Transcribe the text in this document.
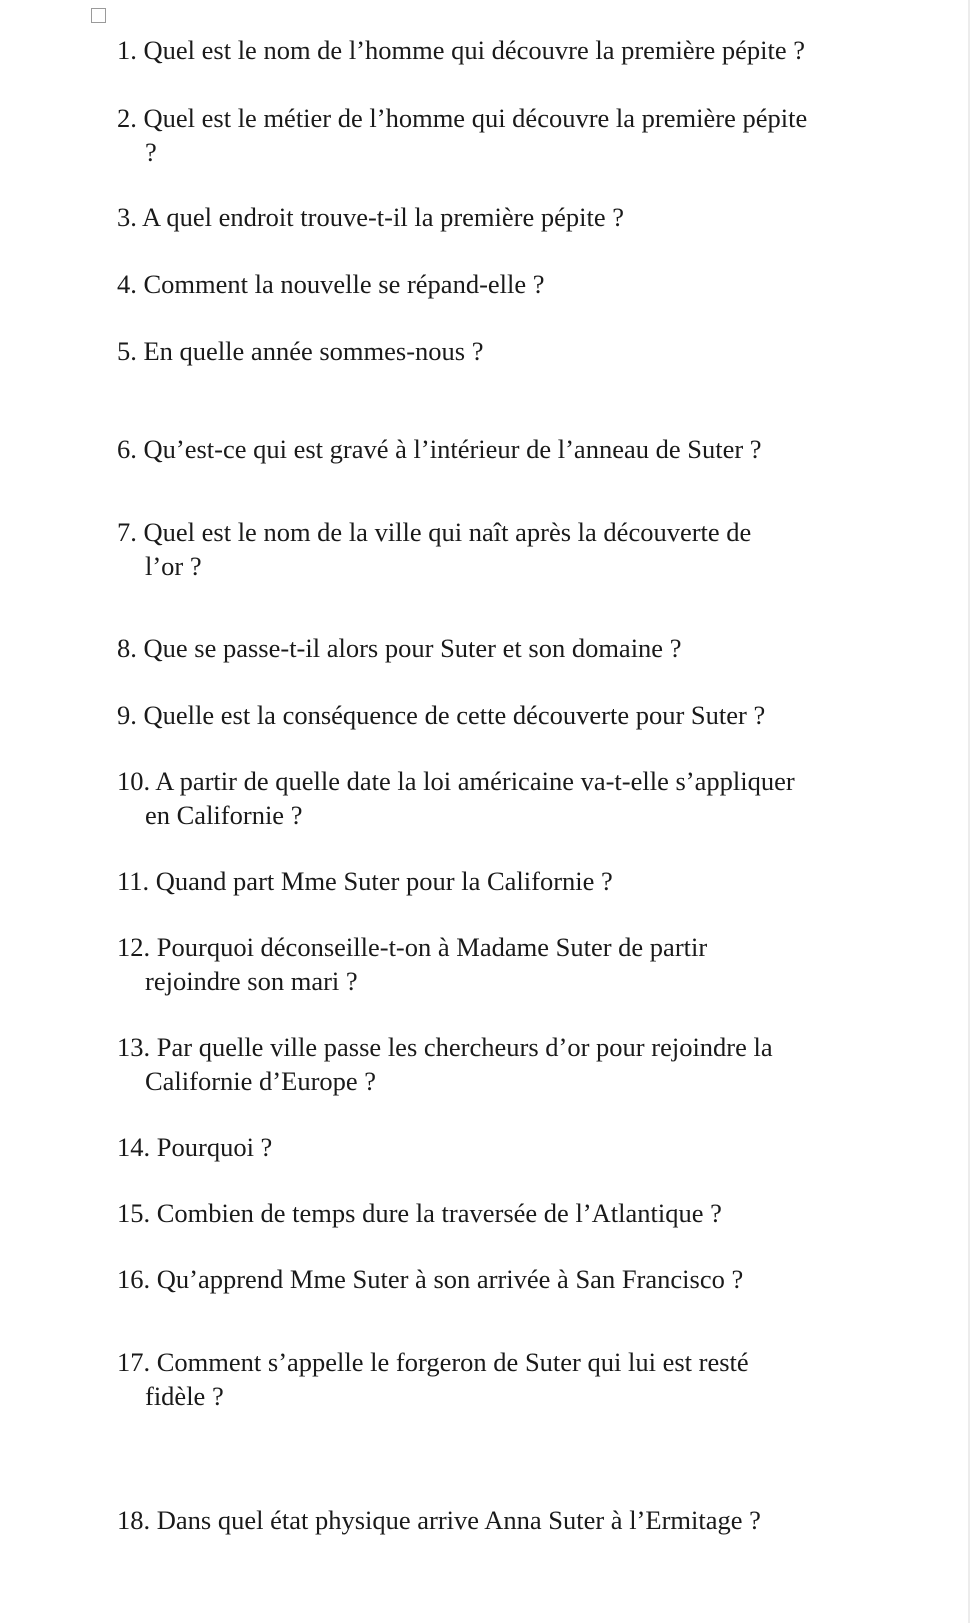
1. Quel est le nom de l’homme qui découvre la première pépite ?

2. Quel est le métier de l’homme qui découvre la première pépite
?

3. A quel endroit trouve-t-il la première pépite ?

4. Comment la nouvelle se répand-elle ?

5. En quelle année sommes-nous ?

6. Qu’est-ce qui est gravé à l’intérieur de l’anneau de Suter ?

7. Quel est le nom de la ville qui naît après la découverte de
l’or ?

8. Que se passe-t-il alors pour Suter et son domaine ?

9. Quelle est la conséquence de cette découverte pour Suter ?

10. A partir de quelle date la loi américaine va-t-elle s’appliquer
en Californie ?

11. Quand part Mme Suter pour la Californie ?

12. Pourquoi déconseille-t-on à Madame Suter de partir
rejoindre son mari ?

13. Par quelle ville passe les chercheurs d’or pour rejoindre la
Californie d’Europe ?

14. Pourquoi ?

15. Combien de temps dure la traversée de l’Atlantique ?

16. Qu’apprend Mme Suter à son arrivée à San Francisco ?

17. Comment s’appelle le forgeron de Suter qui lui est resté
fidèle ?

18. Dans quel état physique arrive Anna Suter à l’Ermitage ?
